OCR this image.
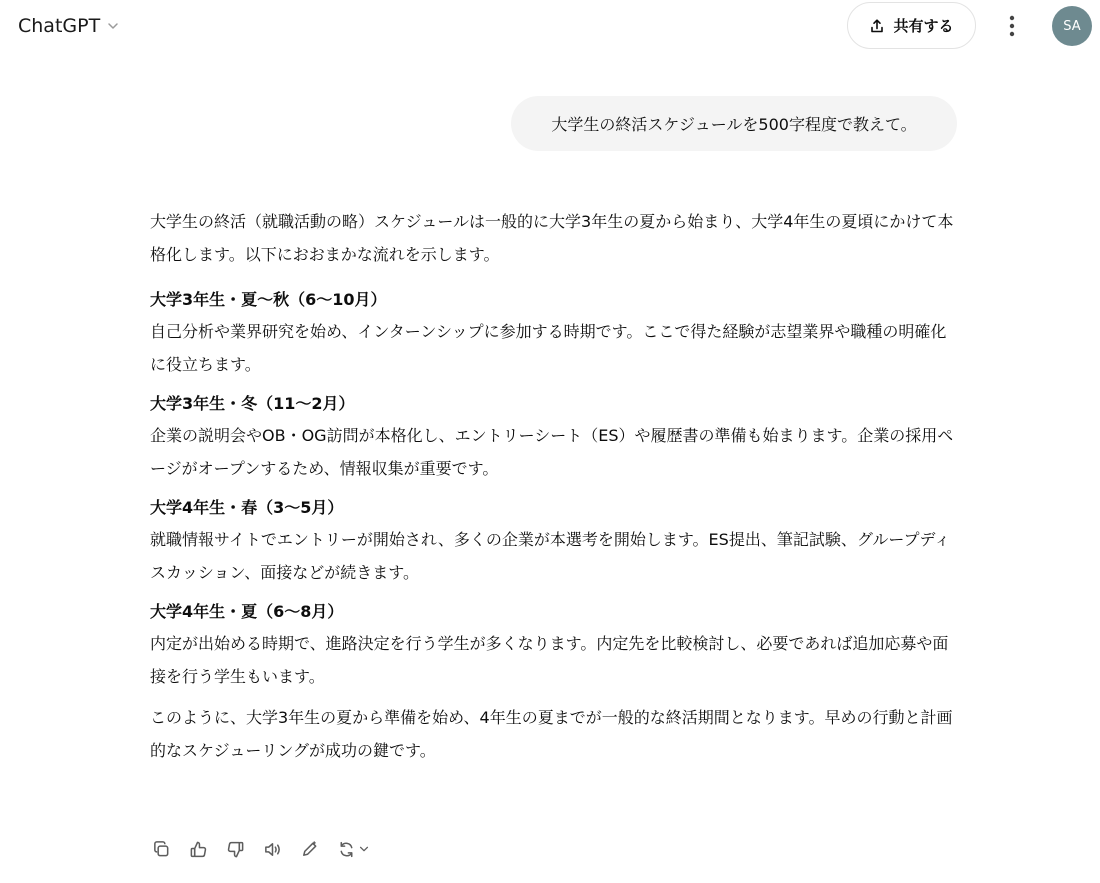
ChatGPT	共有する	SA
大学生の終活スケジュールを500字程度で教えて。

大学生の終活（就職活動の略）スケジュールは一般的に大学3年生の夏から始まり、大学4年生の夏頃にかけて本格化します。以下におおまかな流れを示します。

大学3年生・夏〜秋（6〜10月）

自己分析や業界研究を始め、インターンシップに参加する時期です。ここで得た経験が志望業界や職種の明確化に役立ちます。

大学3年生・冬（11〜2月）

企業の説明会やOB・OG訪問が本格化し、エントリーシート（ES）や履歴書の準備も始まります。企業の採用ページがオープンするため、情報収集が重要です。

大学4年生・春（3〜5月）

就職情報サイトでエントリーが開始され、多くの企業が本選考を開始します。ES提出、筆記試験、グループディスカッション、面接などが続きます。

大学4年生・夏（6〜8月）

内定が出始める時期で、進路決定を行う学生が多くなります。内定先を比較検討し、必要であれば追加応募や面接を行う学生もいます。

このように、大学3年生の夏から準備を始め、4年生の夏までが一般的な終活期間となります。早めの行動と計画的なスケジューリングが成功の鍵です。
